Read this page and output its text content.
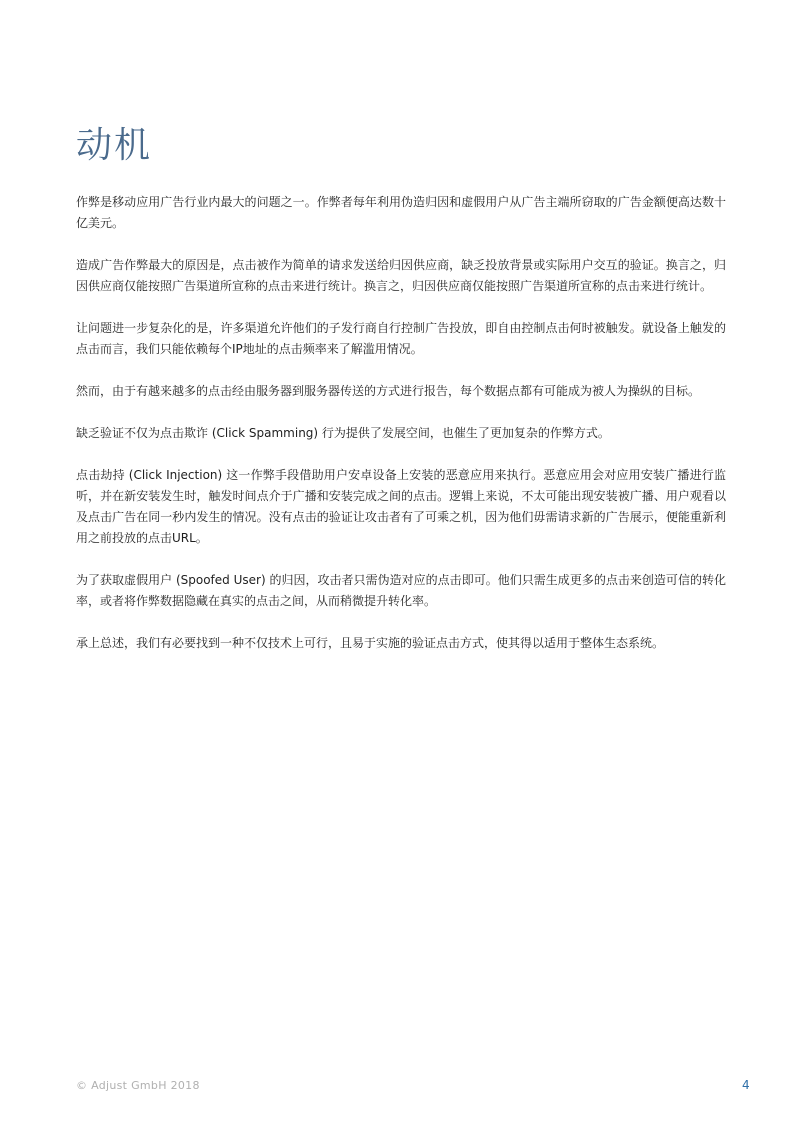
动机

作弊是移动应用广告行业内最大的问题之一。作弊者每年利用伪造归因和虚假用户从广告主端所窃取的广告金额便高达数十亿美元。

造成广告作弊最大的原因是，点击被作为简单的请求发送给归因供应商，缺乏投放背景或实际用户交互的验证。换言之，归因供应商仅能按照广告渠道所宣称的点击来进行统计。换言之，归因供应商仅能按照广告渠道所宣称的点击来进行统计。

让问题进一步复杂化的是，许多渠道允许他们的子发行商自行控制广告投放，即自由控制点击何时被触发。就设备上触发的点击而言，我们只能依赖每个IP地址的点击频率来了解滥用情况。

然而，由于有越来越多的点击经由服务器到服务器传送的方式进行报告，每个数据点都有可能成为被人为操纵的目标。

缺乏验证不仅为点击欺诈 (Click Spamming) 行为提供了发展空间，也催生了更加复杂的作弊方式。

点击劫持 (Click Injection) 这一作弊手段借助用户安卓设备上安装的恶意应用来执行。恶意应用会对应用安装广播进行监听，并在新安装发生时，触发时间点介于广播和安装完成之间的点击。逻辑上来说，不太可能出现安装被广播、用户观看以及点击广告在同一秒内发生的情况。没有点击的验证让攻击者有了可乘之机，因为他们毋需请求新的广告展示，便能重新利用之前投放的点击URL。

为了获取虚假用户 (Spoofed User) 的归因，攻击者只需伪造对应的点击即可。他们只需生成更多的点击来创造可信的转化率，或者将作弊数据隐藏在真实的点击之间，从而稍微提升转化率。

承上总述，我们有必要找到一种不仅技术上可行，且易于实施的验证点击方式，使其得以适用于整体生态系统。

© Adjust GmbH 2018	4
